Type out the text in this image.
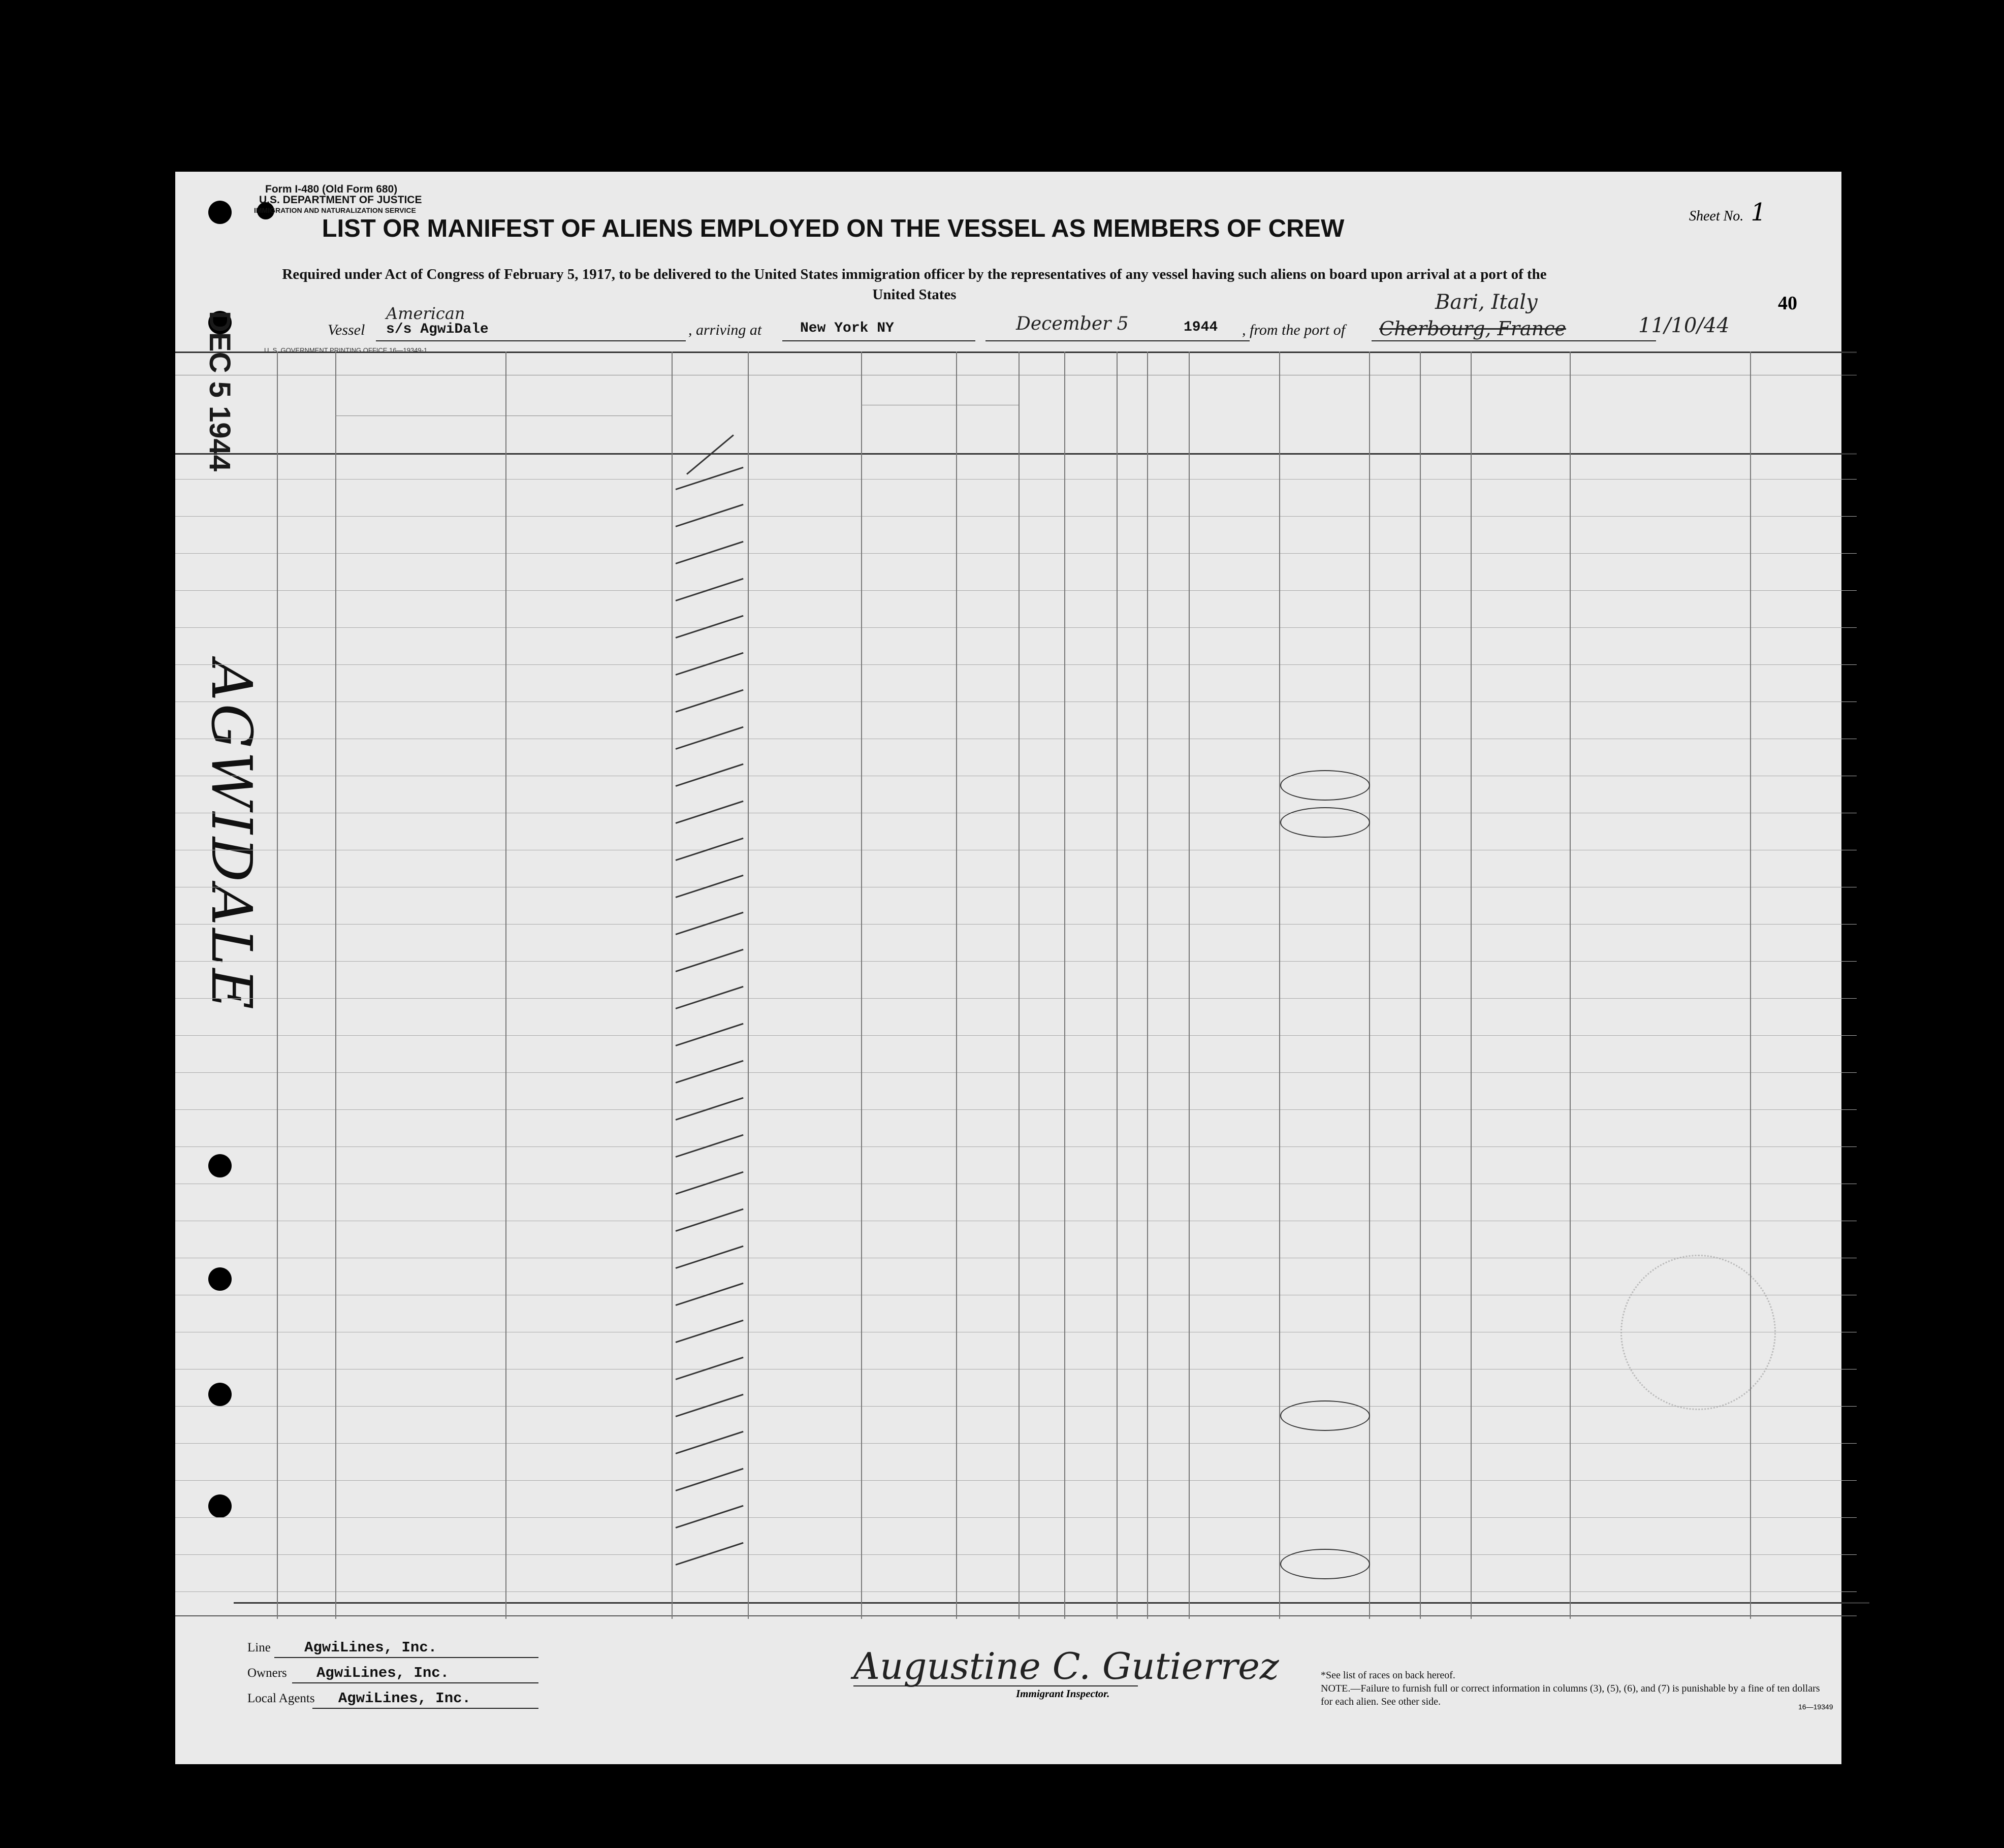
DEC 5 1944
AGWIDALE
Form I-480 (Old Form 680)
U.S. DEPARTMENT OF JUSTICE
IMMIGRATION AND NATURALIZATION SERVICE	Sheet No. 1
LIST OR MANIFEST OF ALIENS EMPLOYED ON THE VESSEL AS MEMBERS OF CREW
Required under Act of Congress of February 5, 1917, to be delivered to the United States immigration officer by the representatives of any vessel having such aliens on board upon arrival at a port of the United States	40
Vessel
American
s/s AgwiDale	, arriving at	New York NY	December 5	1944 , from the port of Cherbourg, France
Bari, Italy
11/10/44
U. S. GOVERNMENT PRINTING OFFICE 16—19349-1
Line AgwiLines, Inc.
Owners AgwiLines, Inc.
Local Agents AgwiLines, Inc.
Augustine C. Gutierrez
Immigrant Inspector.
*See list of races on back hereof.
NOTE.—Failure to furnish full or correct information in columns (3), (5), (6), and (7) is punishable by a fine of ten dollars for each alien. See other side.	16—19349
